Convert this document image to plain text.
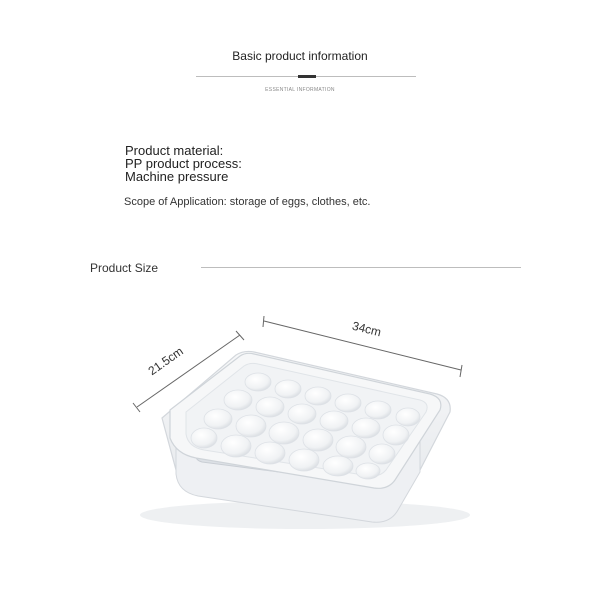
Basic product information
ESSENTIAL INFORMATION
Product material:
PP product process:
Machine pressure
Scope of Application: storage of eggs, clothes, etc.
Product Size
34cm
21.5cm
